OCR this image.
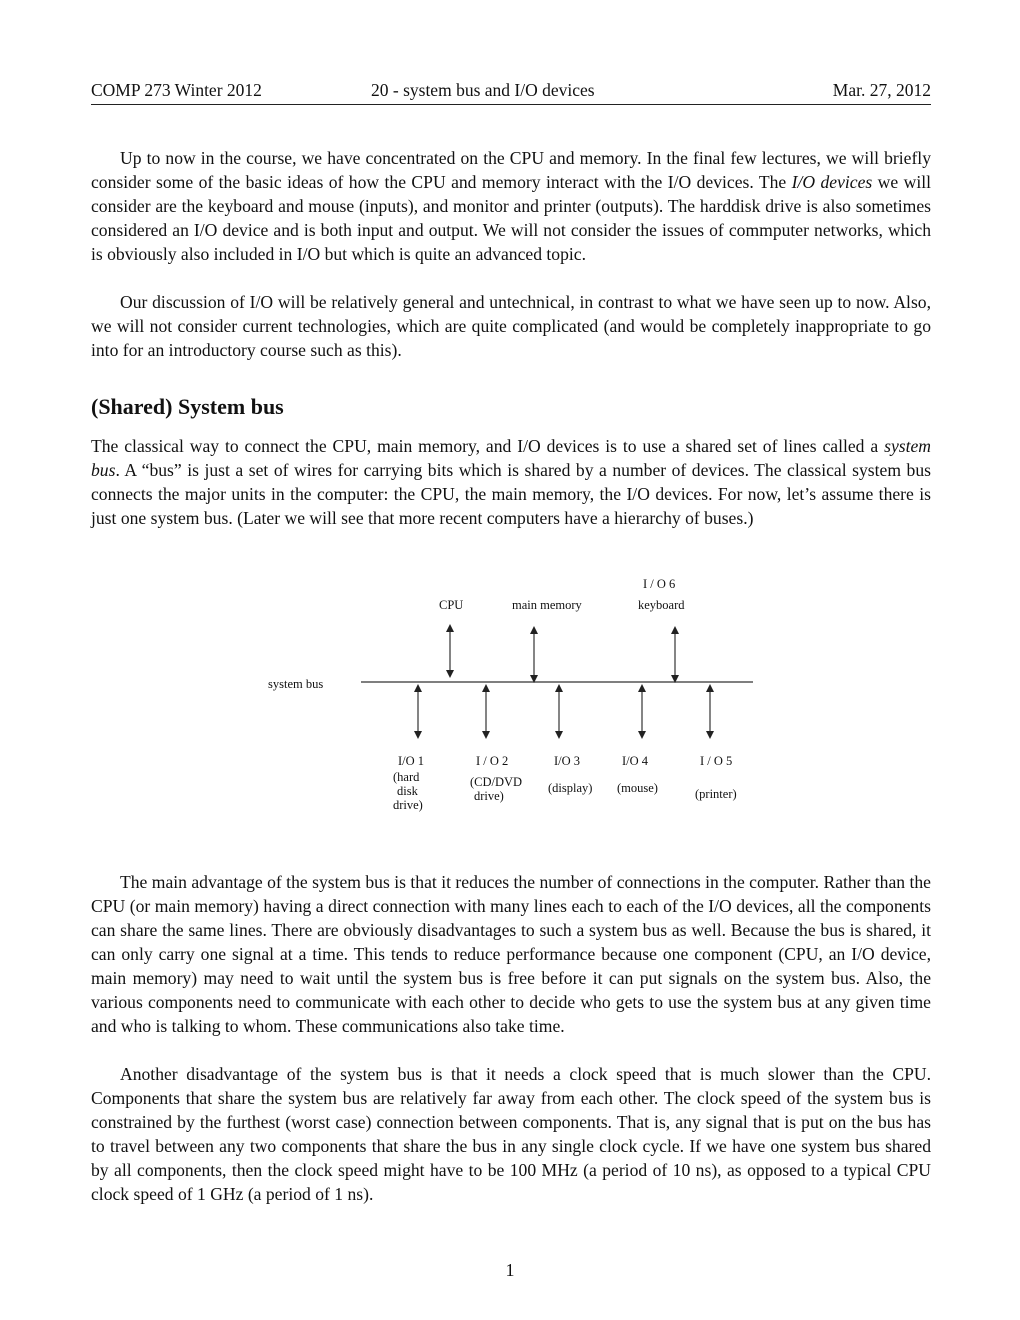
COMP 273 Winter 2012	20 - system bus and I/O devices	Mar. 27, 2012

Up to now in the course, we have concentrated on the CPU and memory. In the final few lectures, we will briefly consider some of the basic ideas of how the CPU and memory interact with the I/O devices. The I/O devices we will consider are the keyboard and mouse (inputs), and monitor and printer (outputs). The harddisk drive is also sometimes considered an I/O device and is both input and output. We will not consider the issues of commputer networks, which is obviously also included in I/O but which is quite an advanced topic.

Our discussion of I/O will be relatively general and untechnical, in contrast to what we have seen up to now. Also, we will not consider current technologies, which are quite complicated (and would be completely inappropriate to go into for an introductory course such as this).

(Shared) System bus

The classical way to connect the CPU, main memory, and I/O devices is to use a shared set of lines called a system bus. A “bus” is just a set of wires for carrying bits which is shared by a number of devices. The classical system bus connects the major units in the computer: the CPU, the main memory, the I/O devices. For now, let’s assume there is just one system bus. (Later we will see that more recent computers have a hierarchy of buses.)

system bus
CPU	main memory
I / O 6
keyboard
I/O 1
(hard
disk
drive)
I / O 2
(CD/DVD
drive)
I/O 3
(display)
I/O 4
(mouse)
I / O 5
(printer)

The main advantage of the system bus is that it reduces the number of connections in the computer. Rather than the CPU (or main memory) having a direct connection with many lines each to each of the I/O devices, all the components can share the same lines. There are obviously disadvantages to such a system bus as well. Because the bus is shared, it can only carry one signal at a time. This tends to reduce performance because one component (CPU, an I/O device, main memory) may need to wait until the system bus is free before it can put signals on the system bus. Also, the various components need to communicate with each other to decide who gets to use the system bus at any given time and who is talking to whom. These communications also take time.

Another disadvantage of the system bus is that it needs a clock speed that is much slower than the CPU. Components that share the system bus are relatively far away from each other. The clock speed of the system bus is constrained by the furthest (worst case) connection between components. That is, any signal that is put on the bus has to travel between any two components that share the bus in any single clock cycle. If we have one system bus shared by all components, then the clock speed might have to be 100 MHz (a period of 10 ns), as opposed to a typical CPU clock speed of 1 GHz (a period of 1 ns).

1
